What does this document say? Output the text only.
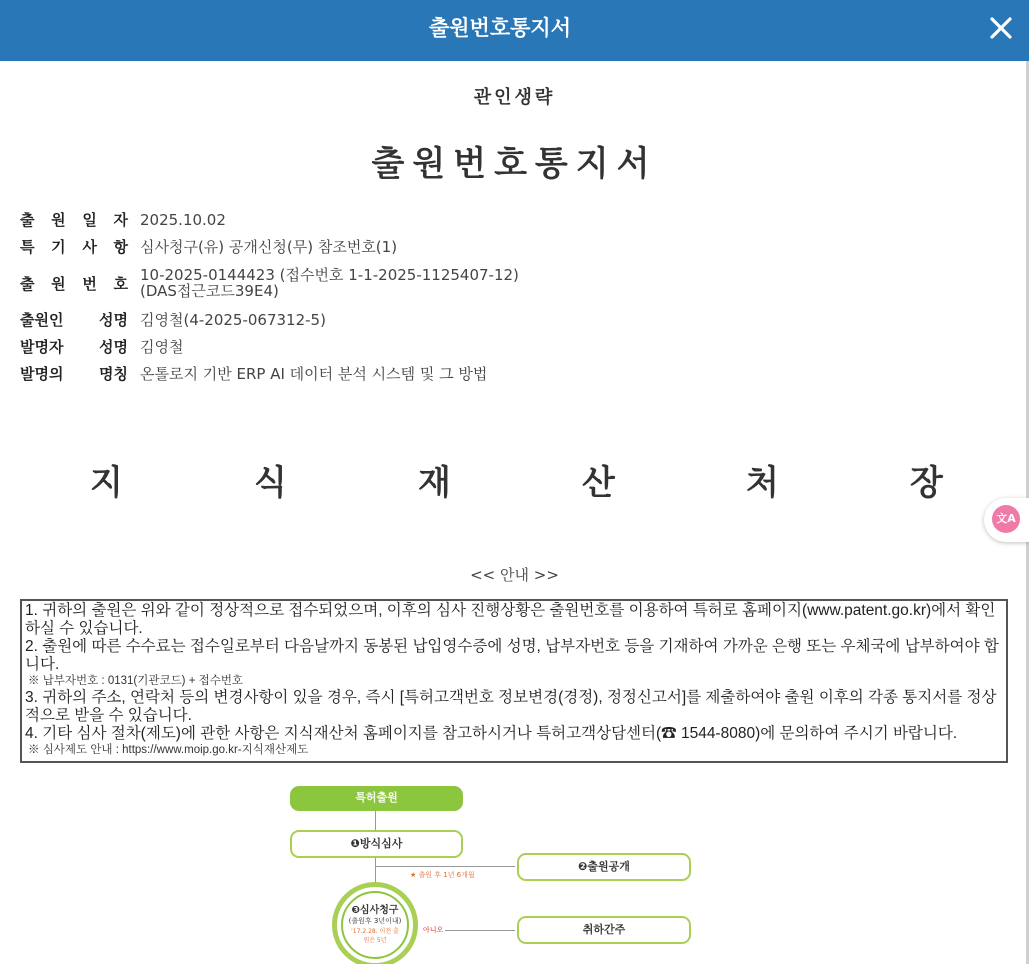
출원번호통지서
관인생략
출원번호통지서
출 원 일 자 2025.10.02
특 기 사 항 심사청구(유) 공개신청(무) 참조번호(1)
출 원 번 호 10-2025-0144423 (접수번호 1-1-2025-1125407-12)
(DAS접근코드39E4)
출원인 성명 김영철(4-2025-067312-5)
발명자 성명 김영철
발명의 명칭 온톨로지 기반 ERP AI 데이터 분석 시스템 및 그 방법
지	식	재	산	처	장
文A
<< 안내 >>
1. 귀하의 출원은 위와 같이 정상적으로 접수되었으며, 이후의 심사 진행상황은 출원번호를 이용하여 특허로 홈페이지(www.patent.go.kr)에서 확인하실 수 있습니다.
2. 출원에 따른 수수료는 접수일로부터 다음날까지 동봉된 납입영수증에 성명, 납부자번호 등을 기재하여 가까운 은행 또는 우체국에 납부하여야 합니다.
※ 납부자번호 : 0131(기관코드) + 접수번호
3. 귀하의 주소, 연락처 등의 변경사항이 있을 경우, 즉시 [특허고객번호 정보변경(경정), 정정신고서]를 제출하여야 출원 이후의 각종 통지서를 정상적으로 받을 수 있습니다.
4. 기타 심사 절차(제도)에 관한 사항은 지식재산처 홈페이지를 참고하시거나 특허고객상담센터(☎ 1544-8080)에 문의하여 주시기 바랍니다.
※ 심사제도 안내 : https://www.moip.go.kr-지식재산제도
특허출원
❶방식심사
★ 출원 후 1년 6개월
❷출원공개
❸심사청구
(출원후 3년이내)
'17.2.28. 이전 출원은 5년
아니오	취하간주
